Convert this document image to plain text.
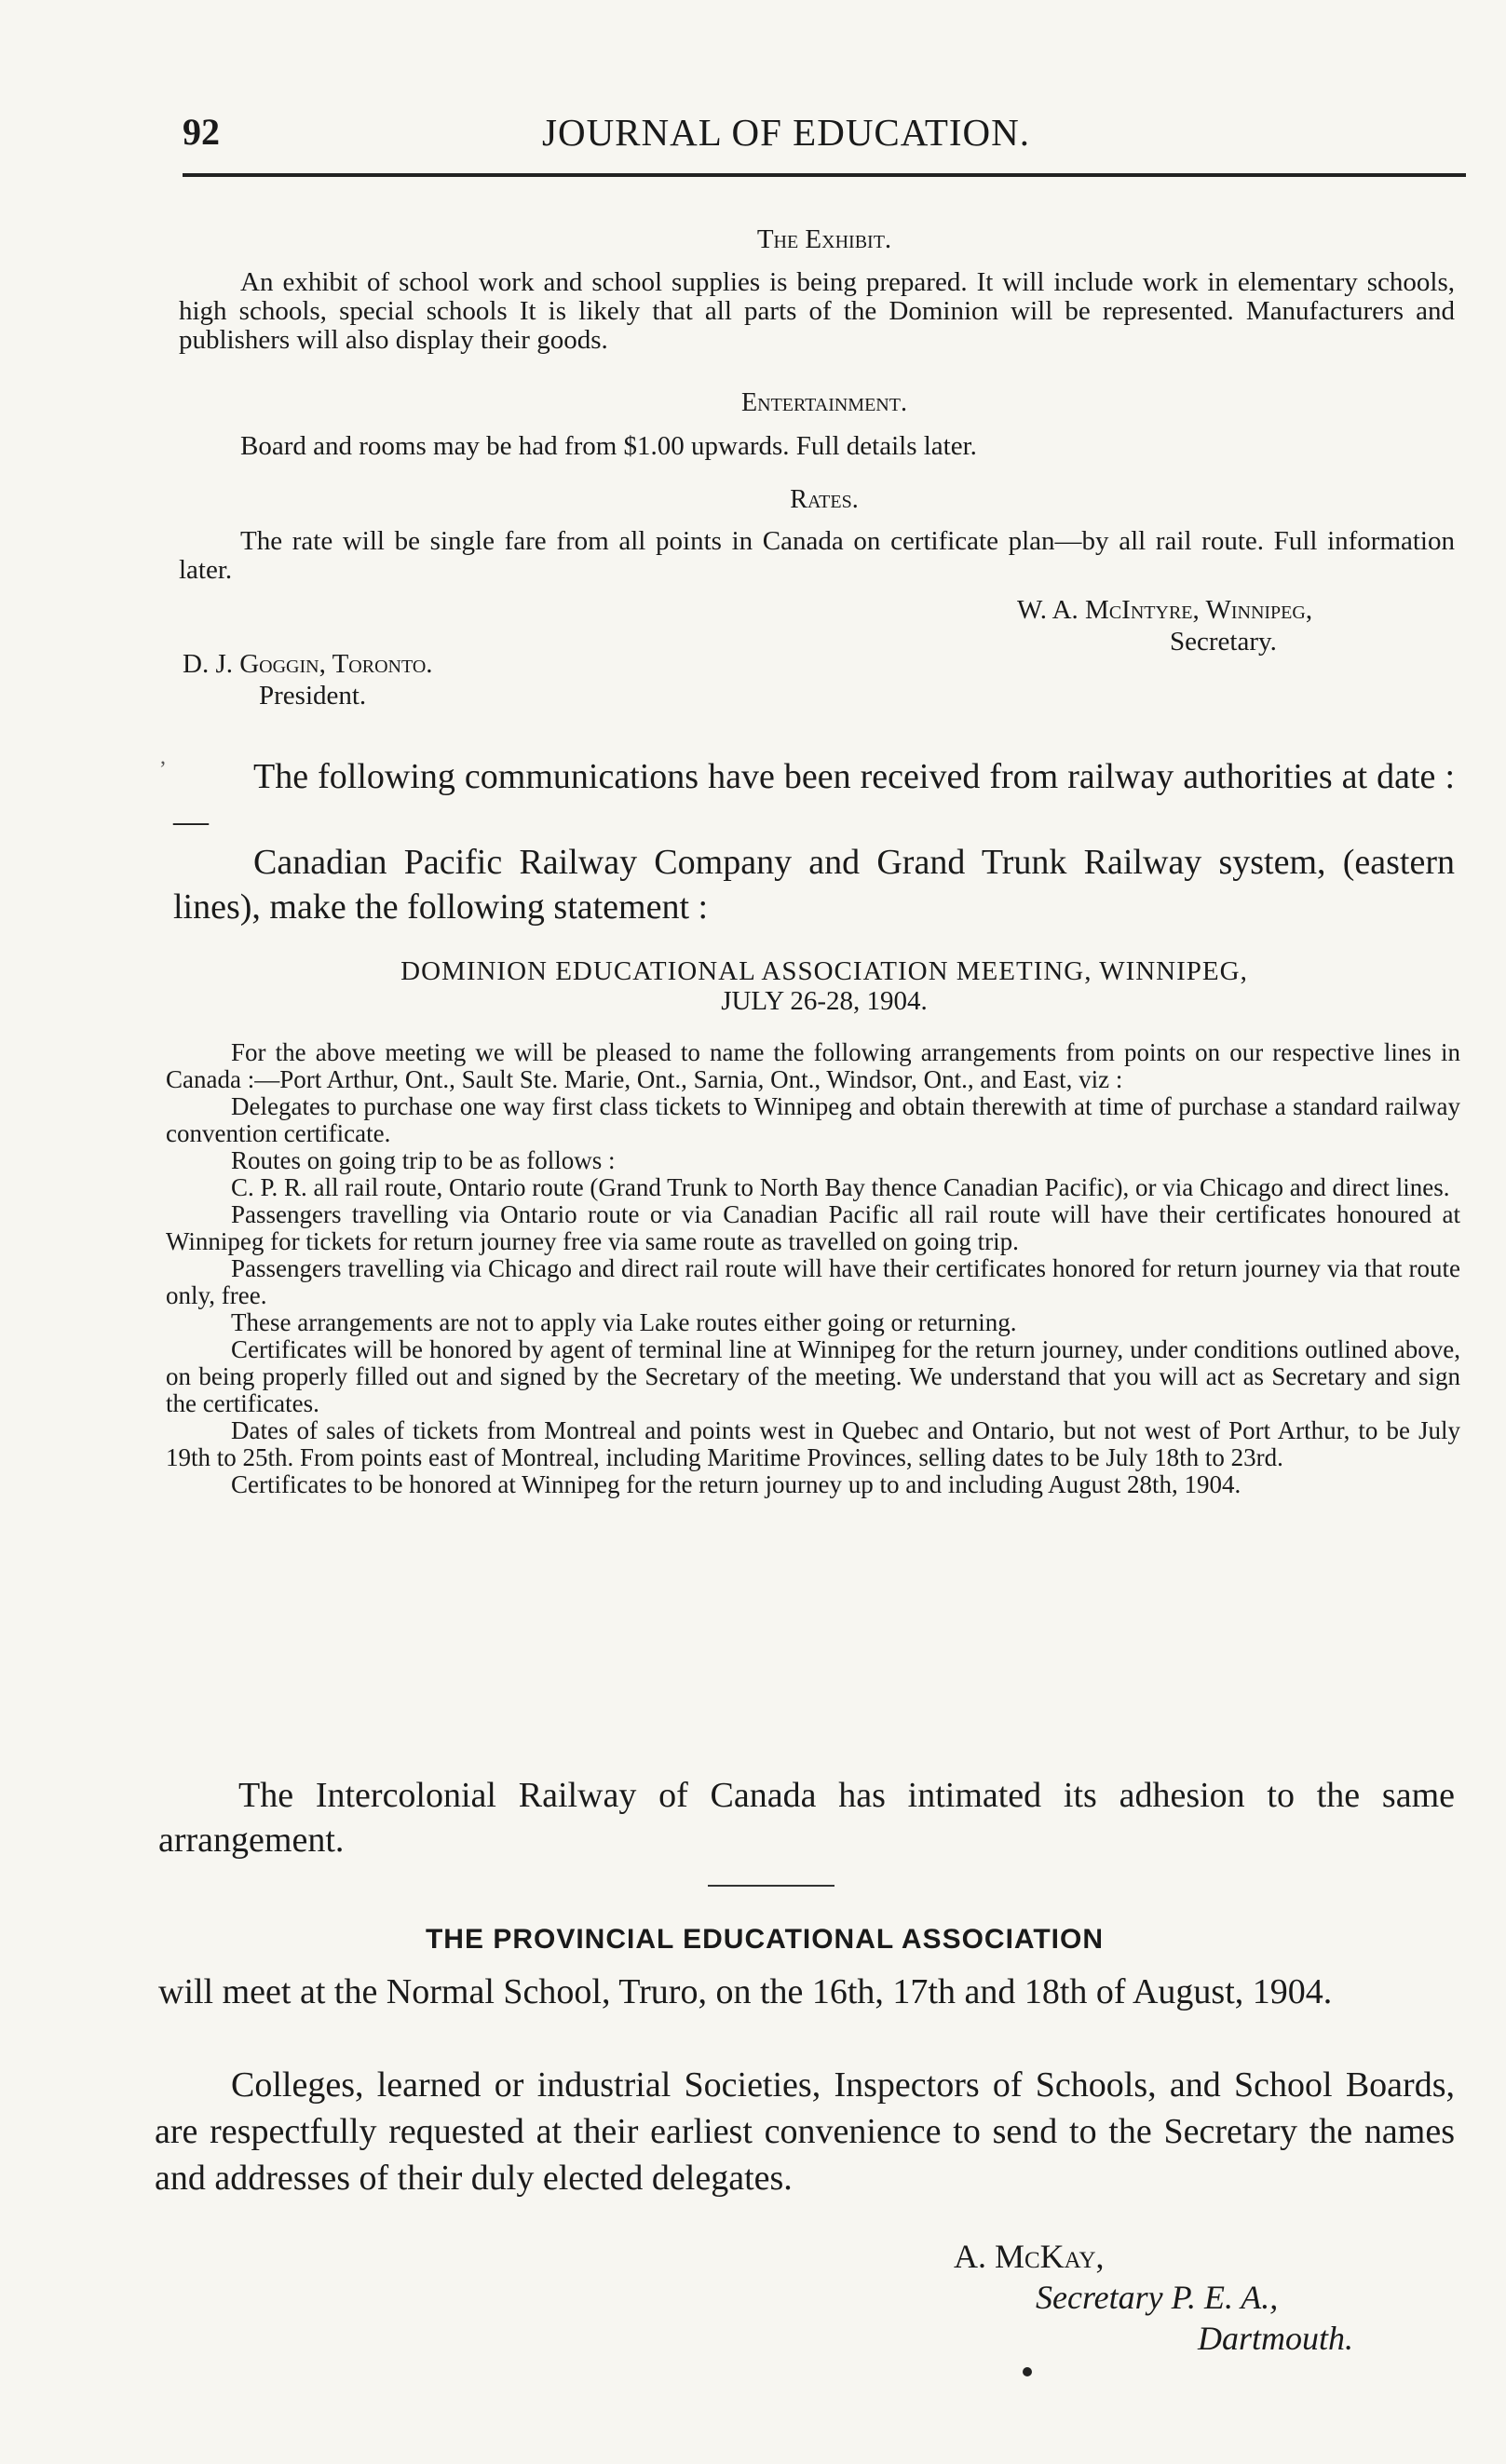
92	JOURNAL OF EDUCATION.
The Exhibit.

An exhibit of school work and school supplies is being prepared. It will include work in elementary schools, high schools, special schools It is likely that all parts of the Dominion will be represented. Manufacturers and publishers will also display their goods.

Entertainment.

Board and rooms may be had from $1.00 upwards. Full details later.

Rates.

The rate will be single fare from all points in Canada on certificate plan—by all rail route. Full information later.

W. A. McIntyre, Winnipeg,
Secretary.
D. J. Goggin, Toronto.
President.
,	The following communications have been received from railway authorities at date :—

Canadian Pacific Railway Company and Grand Trunk Railway system, (eastern lines), make the following statement :

DOMINION EDUCATIONAL ASSOCIATION MEETING, WINNIPEG,
JULY 26-28, 1904.

For the above meeting we will be pleased to name the following arrangements from points on our respective lines in Canada :—Port Arthur, Ont., Sault Ste. Marie, Ont., Sarnia, Ont., Windsor, Ont., and East, viz :

Delegates to purchase one way first class tickets to Winnipeg and obtain therewith at time of purchase a standard railway convention certificate.

Routes on going trip to be as follows :

C. P. R. all rail route, Ontario route (Grand Trunk to North Bay thence Canadian Pacific), or via Chicago and direct lines.

Passengers travelling via Ontario route or via Canadian Pacific all rail route will have their certificates honoured at Winnipeg for tickets for return journey free via same route as travelled on going trip.

Passengers travelling via Chicago and direct rail route will have their certificates honored for return journey via that route only, free.

These arrangements are not to apply via Lake routes either going or returning.

Certificates will be honored by agent of terminal line at Winnipeg for the return journey, under conditions outlined above, on being properly filled out and signed by the Secretary of the meeting. We understand that you will act as Secretary and sign the certificates.

Dates of sales of tickets from Montreal and points west in Quebec and Ontario, but not west of Port Arthur, to be July 19th to 25th. From points east of Montreal, including Maritime Provinces, selling dates to be July 18th to 23rd.

Certificates to be honored at Winnipeg for the return journey up to and including August 28th, 1904.

The Intercolonial Railway of Canada has intimated its adhesion to the same arrangement.

THE PROVINCIAL EDUCATIONAL ASSOCIATION

will meet at the Normal School, Truro, on the 16th, 17th and 18th of August, 1904.

Colleges, learned or industrial Societies, Inspectors of Schools, and School Boards, are respectfully requested at their earliest convenience to send to the Secretary the names and addresses of their duly elected delegates.

A. McKay,
Secretary P. E. A.,
Dartmouth.
